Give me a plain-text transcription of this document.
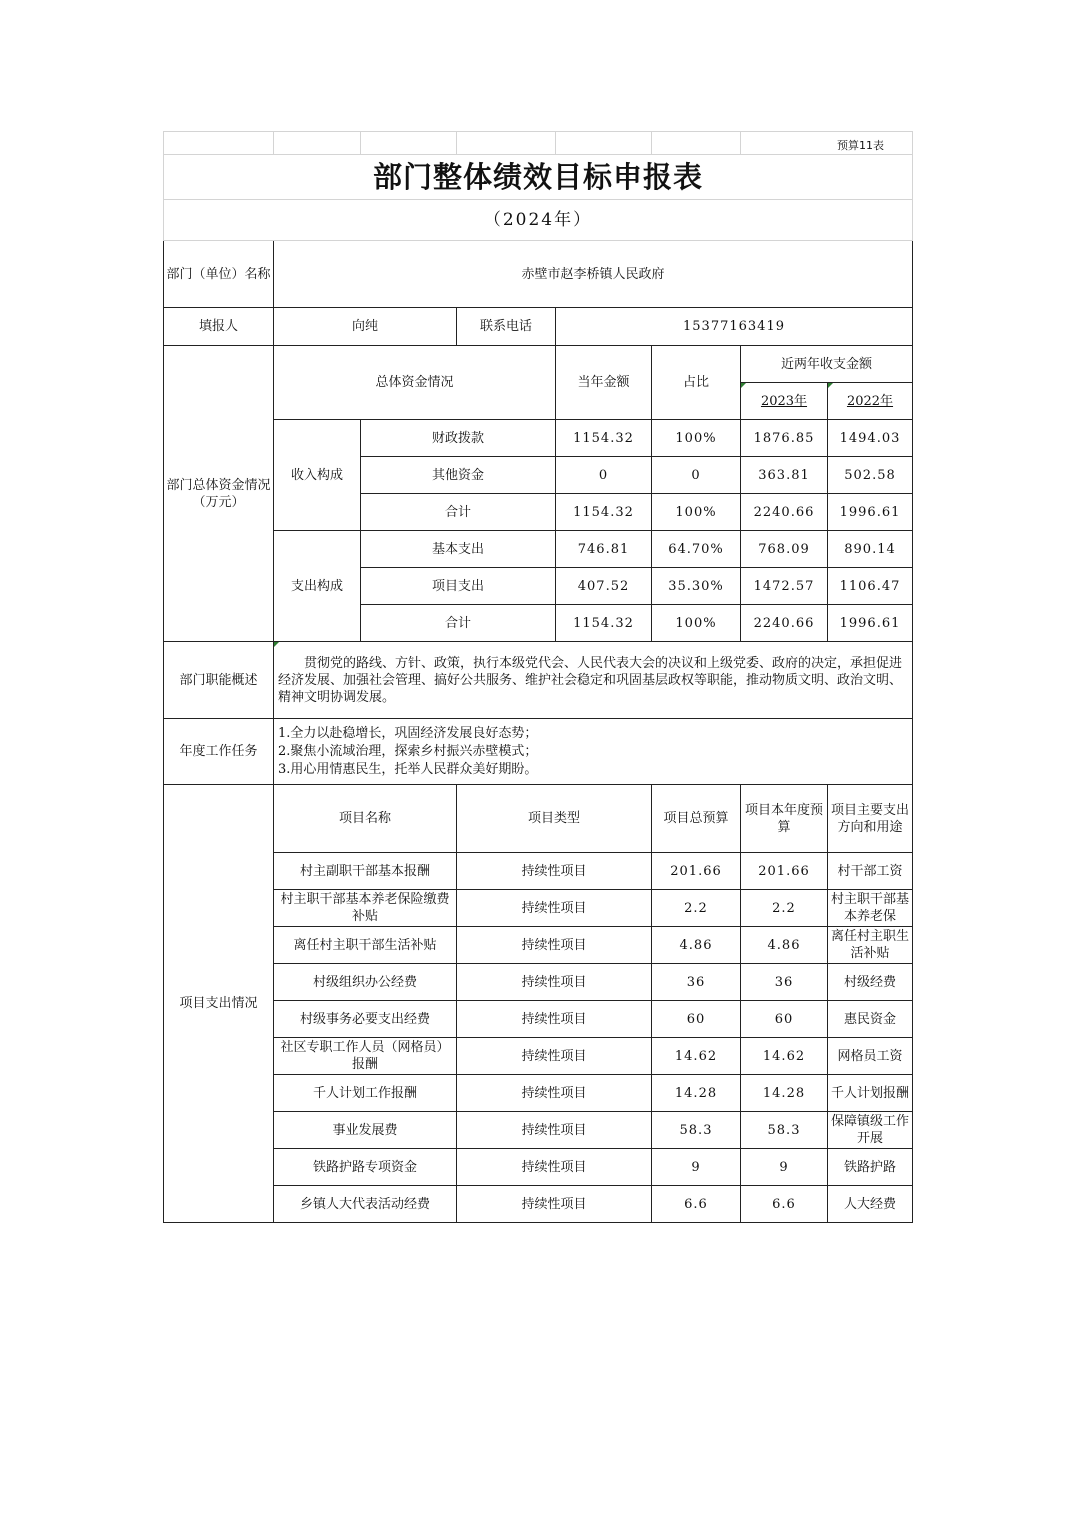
						预算11表	
部门整体绩效目标申报表							
（2024年）							
部门（单位）名称	赤壁市赵李桥镇人民政府						
填报人	向纯		联系电话	15377163419			
部门总体资金情况（万元）	总体资金情况			当年金额	占比	近两年收支金额	
						2023年	2022年
	收入构成	财政拨款		1154.32	100%	1876.85	1494.03
		其他资金		0	0	363.81	502.58
		合计		1154.32	100%	2240.66	1996.61
	支出构成	基本支出		746.81	64.70%	768.09	890.14
		项目支出		407.52	35.30%	1472.57	1106.47
		合计		1154.32	100%	2240.66	1996.61
部门职能概述	贯彻党的路线、方针、政策，执行本级党代会、人民代表大会的决议和上级党委、政府的决定，承担促进经济发展、加强社会管理、搞好公共服务、维护社会稳定和巩固基层政权等职能，推动物质文明、政治文明、精神文明协调发展。						
年度工作任务	1.全力以赴稳增长，巩固经济发展良好态势；
2.聚焦小流域治理，探索乡村振兴赤壁模式；
3.用心用情惠民生，托举人民群众美好期盼。						

项目支出情况	项目名称		项目类型		项目总预算	项目本年度预算	项目主要支出方向和用途
	村主副职干部基本报酬		持续性项目		201.66	201.66	村干部工资
	村主职干部基本养老保险缴费补贴		持续性项目		2.2	2.2	村主职干部基本养老保
	离任村主职干部生活补贴		持续性项目		4.86	4.86	离任村主职生活补贴
	村级组织办公经费		持续性项目		36	36	村级经费
	村级事务必要支出经费		持续性项目		60	60	惠民资金
	社区专职工作人员（网格员）报酬		持续性项目		14.62	14.62	网格员工资
	千人计划工作报酬		持续性项目		14.28	14.28	千人计划报酬
	事业发展费		持续性项目		58.3	58.3	保障镇级工作开展
	铁路护路专项资金		持续性项目		9	9	铁路护路
	乡镇人大代表活动经费		持续性项目		6.6	6.6	人大经费
